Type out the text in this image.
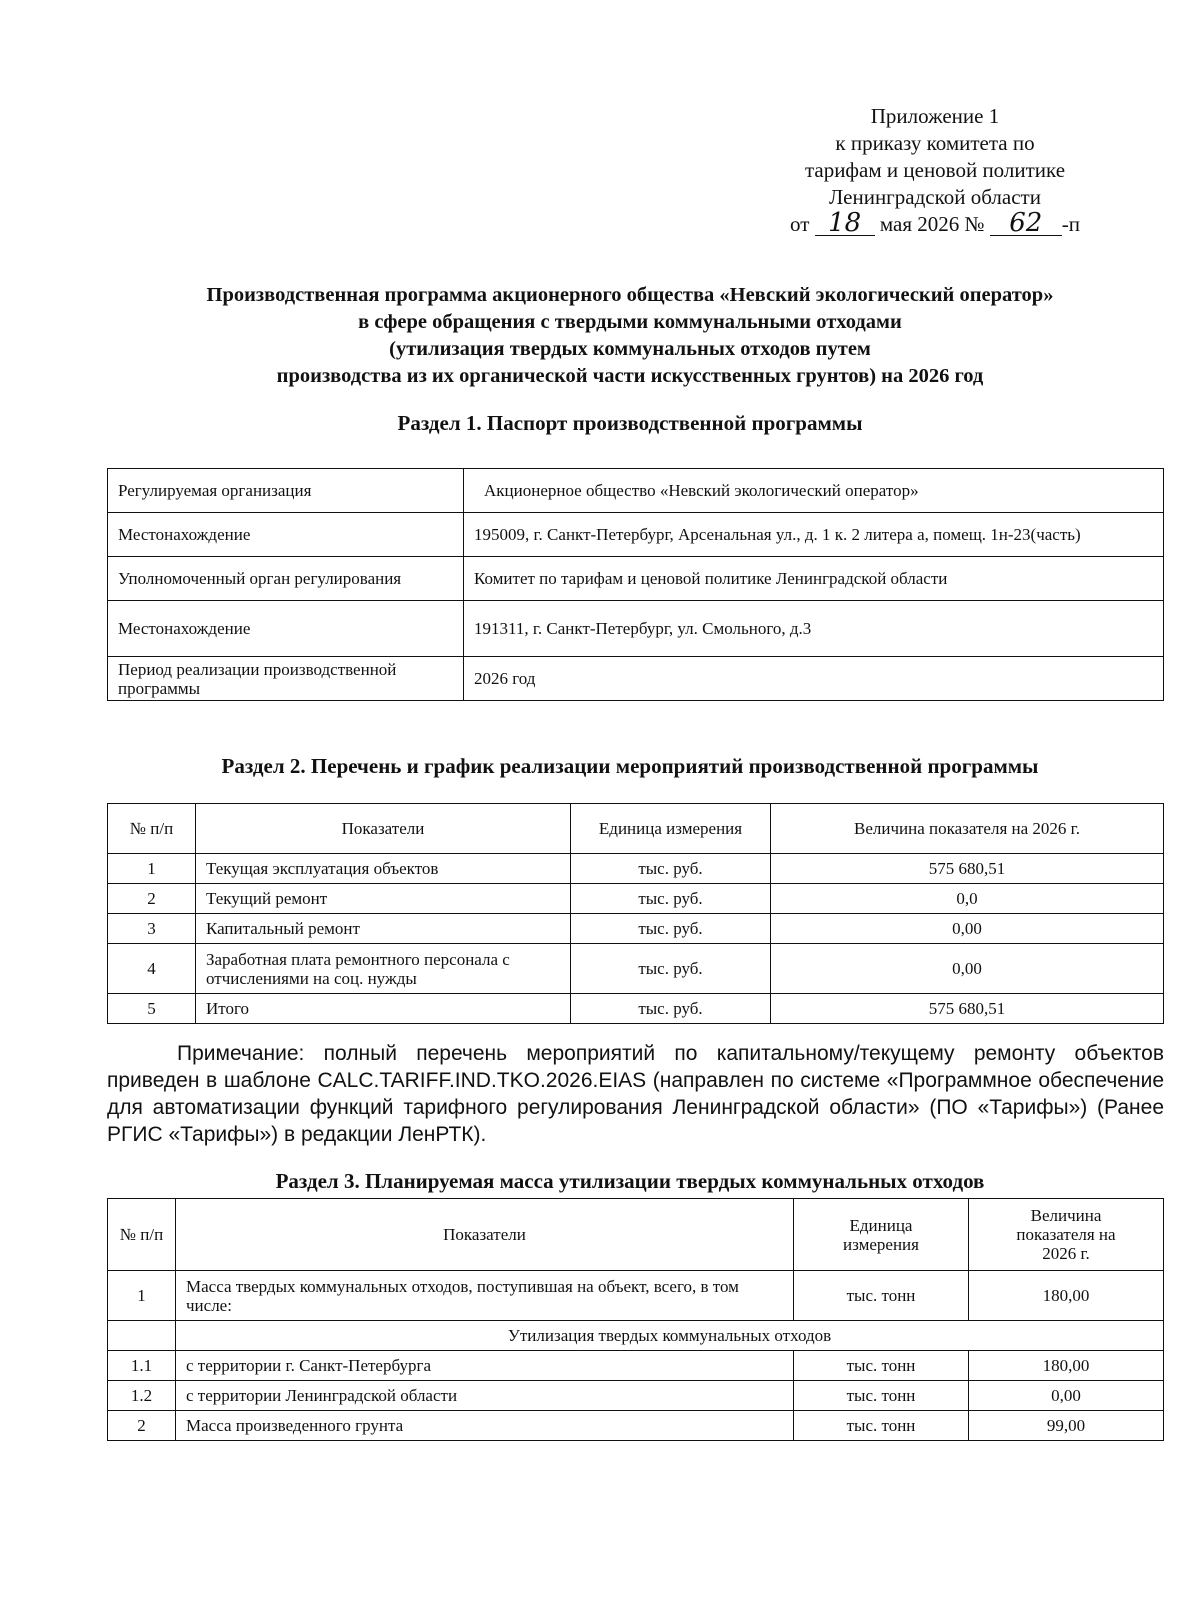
Приложение 1
к приказу комитета по
тарифам и ценовой политике
Ленинградской области
от 18 мая 2026 № 62 -п
Производственная программа акционерного общества «Невский экологический оператор»
в сфере обращения с твердыми коммунальными отходами
(утилизация твердых коммунальных отходов путем
производства из их органической части искусственных грунтов) на 2026 год
Раздел 1. Паспорт производственной программы
Регулируемая организация	Акционерное общество «Невский экологический оператор»
Местонахождение	195009, г. Санкт-Петербург, Арсенальная ул., д. 1 к. 2 литера а, помещ. 1н-23(часть)
Уполномоченный орган регулирования	Комитет по тарифам и ценовой политике Ленинградской области
Местонахождение	191311, г. Санкт-Петербург, ул. Смольного, д.3
Период реализации производственной программы	2026 год
Раздел 2. Перечень и график реализации мероприятий производственной программы
№ п/п	Показатели	Единица измерения	Величина показателя на 2026 г.
1	Текущая эксплуатация объектов	тыс. руб.	575 680,51
2	Текущий ремонт	тыс. руб.	0,0
3	Капитальный ремонт	тыс. руб.	0,00
4	Заработная плата ремонтного персонала с отчислениями на соц. нужды	тыс. руб.	0,00
5	Итого	тыс. руб.	575 680,51
Примечание: полный перечень мероприятий по капитальному/текущему ремонту объектов приведен в шаблоне CALC.TARIFF.IND.TKO.2026.EIAS (направлен по системе «Программное обеспечение для автоматизации функций тарифного регулирования Ленинградской области» (ПО «Тарифы») (Ранее РГИС «Тарифы») в редакции ЛенРТК).
Раздел 3. Планируемая масса утилизации твердых коммунальных отходов
№ п/п	Показатели	Единица измерения	Величина показателя на 2026 г.
1	Масса твердых коммунальных отходов, поступившая на объект, всего, в том числе:	тыс. тонн	180,00
	Утилизация твердых коммунальных отходов		
1.1	с территории г. Санкт-Петербурга	тыс. тонн	180,00
1.2	с территории Ленинградской области	тыс. тонн	0,00
2	Масса произведенного грунта	тыс. тонн	99,00
